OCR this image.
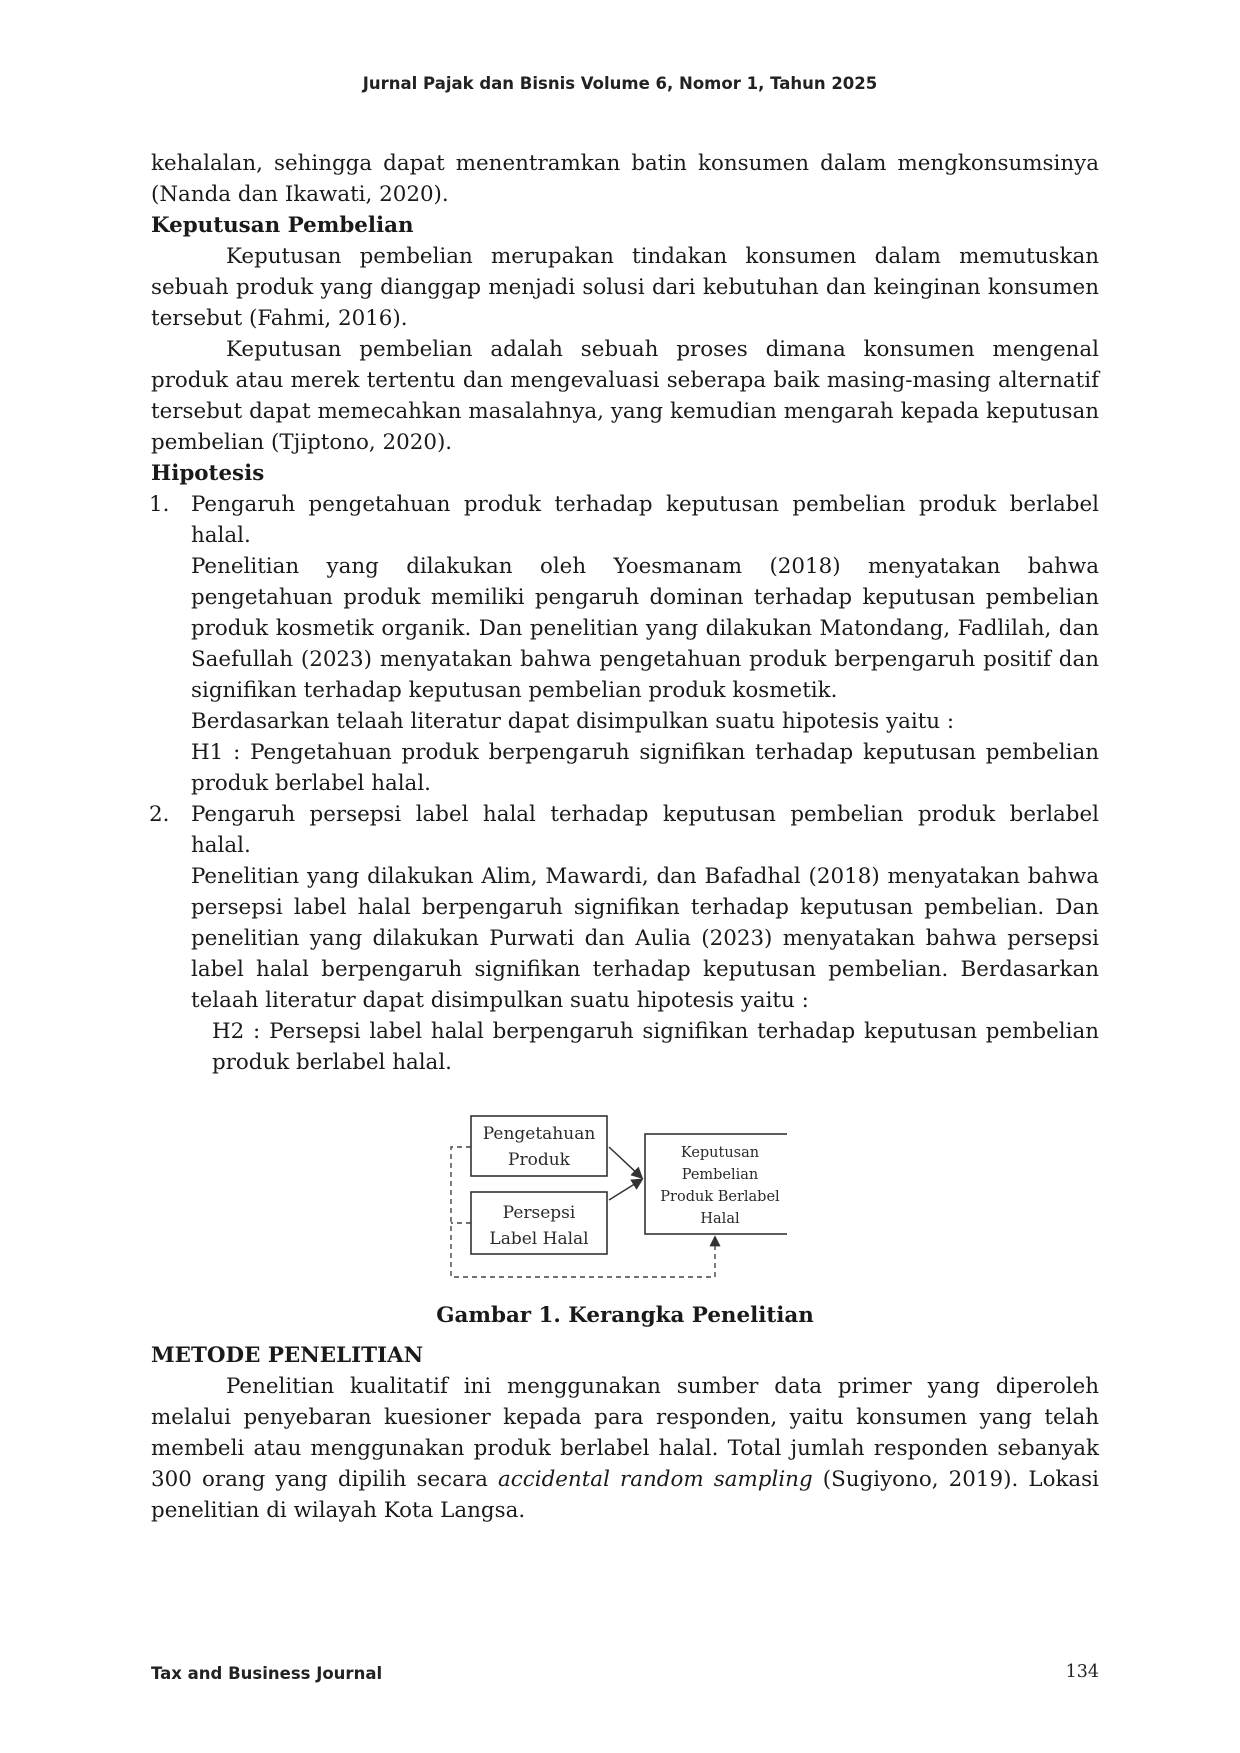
Jurnal Pajak dan Bisnis Volume 6, Nomor 1, Tahun 2025

kehalalan, sehingga dapat menentramkan batin konsumen dalam mengkonsumsinya (Nanda dan Ikawati, 2020).

Keputusan Pembelian

Keputusan pembelian merupakan tindakan konsumen dalam memutuskan sebuah produk yang dianggap menjadi solusi dari kebutuhan dan keinginan konsumen tersebut (Fahmi, 2016).

Keputusan pembelian adalah sebuah proses dimana konsumen mengenal produk atau merek tertentu dan mengevaluasi seberapa baik masing-masing alternatif tersebut dapat memecahkan masalahnya, yang kemudian mengarah kepada keputusan pembelian (Tjiptono, 2020).

Hipotesis
1. Pengaruh pengetahuan produk terhadap keputusan pembelian produk berlabel halal.

Penelitian yang dilakukan oleh Yoesmanam (2018) menyatakan bahwa pengetahuan produk memiliki pengaruh dominan terhadap keputusan pembelian produk kosmetik organik. Dan penelitian yang dilakukan Matondang, Fadlilah, dan Saefullah (2023) menyatakan bahwa pengetahuan produk berpengaruh positif dan signifikan terhadap keputusan pembelian produk kosmetik.

Berdasarkan telaah literatur dapat disimpulkan suatu hipotesis yaitu :

H1 : Pengetahuan produk berpengaruh signifikan terhadap keputusan pembelian produk berlabel halal.

2. Pengaruh persepsi label halal terhadap keputusan pembelian produk berlabel halal.

Penelitian yang dilakukan Alim, Mawardi, dan Bafadhal (2018) menyatakan bahwa persepsi label halal berpengaruh signifikan terhadap keputusan pembelian. Dan penelitian yang dilakukan Purwati dan Aulia (2023) menyatakan bahwa persepsi label halal berpengaruh signifikan terhadap keputusan pembelian. Berdasarkan telaah literatur dapat disimpulkan suatu hipotesis yaitu :

H2 : Persepsi label halal berpengaruh signifikan terhadap keputusan pembelian produk berlabel halal.

Pengetahuan
Produk
Persepsi
Label Halal
Keputusan
Pembelian
Produk Berlabel
Halal
Gambar 1. Kerangka Penelitian
METODE PENELITIAN

Penelitian kualitatif ini menggunakan sumber data primer yang diperoleh melalui penyebaran kuesioner kepada para responden, yaitu konsumen yang telah membeli atau menggunakan produk berlabel halal. Total jumlah responden sebanyak 300 orang yang dipilih secara accidental random sampling (Sugiyono, 2019). Lokasi penelitian di wilayah Kota Langsa.

Tax and Business Journal	134
